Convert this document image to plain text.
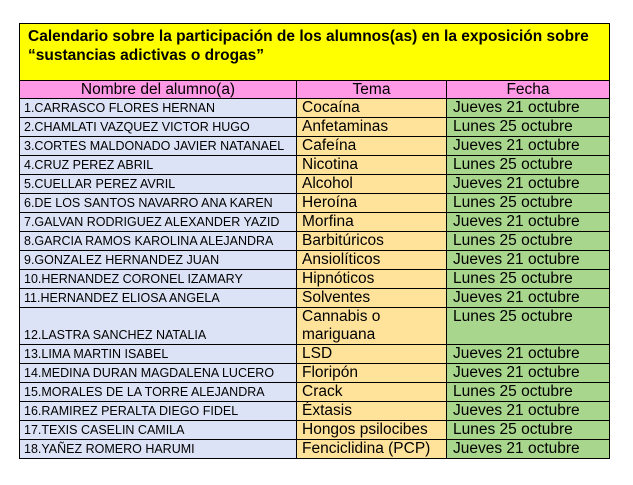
Calendario sobre la participación de los alumnos(as) en la exposición sobre “sustancias adictivas o drogas”		
Nombre del alumno(a)	Tema	Fecha
1.CARRASCO FLORES HERNAN	Cocaína	Jueves 21 octubre
2.CHAMLATI VAZQUEZ VICTOR HUGO	Anfetaminas	Lunes 25 octubre
3.CORTES MALDONADO JAVIER NATANAEL	Cafeína	Jueves 21 octubre
4.CRUZ PEREZ ABRIL	Nicotina	Lunes 25 octubre
5.CUELLAR PEREZ AVRIL	Alcohol	Jueves 21 octubre
6.DE LOS SANTOS NAVARRO ANA KAREN	Heroína	Lunes 25 octubre
7.GALVAN RODRIGUEZ ALEXANDER YAZID	Morfina	Jueves 21 octubre
8.GARCIA RAMOS KAROLINA ALEJANDRA	Barbitúricos	Lunes 25 octubre
9.GONZALEZ HERNANDEZ JUAN	Ansiolíticos	Jueves 21 octubre
10.HERNANDEZ CORONEL IZAMARY	Hipnóticos	Lunes 25 octubre
11.HERNANDEZ ELIOSA ANGELA	Solventes	Jueves 21 octubre
12.LASTRA SANCHEZ NATALIA	Cannabis o mariguana	Lunes 25 octubre
13.LIMA MARTIN ISABEL	LSD	Jueves 21 octubre
14.MEDINA DURAN MAGDALENA LUCERO	Floripón	Jueves 21 octubre
15.MORALES DE LA TORRE ALEJANDRA	Crack	Lunes 25 octubre
16.RAMIREZ PERALTA DIEGO FIDEL	Éxtasis	Jueves 21 octubre
17.TEXIS CASELIN CAMILA	Hongos psilocibes	Lunes 25 octubre
18.YAÑEZ ROMERO HARUMI	Fenciclidina (PCP)	Jueves 21 octubre
